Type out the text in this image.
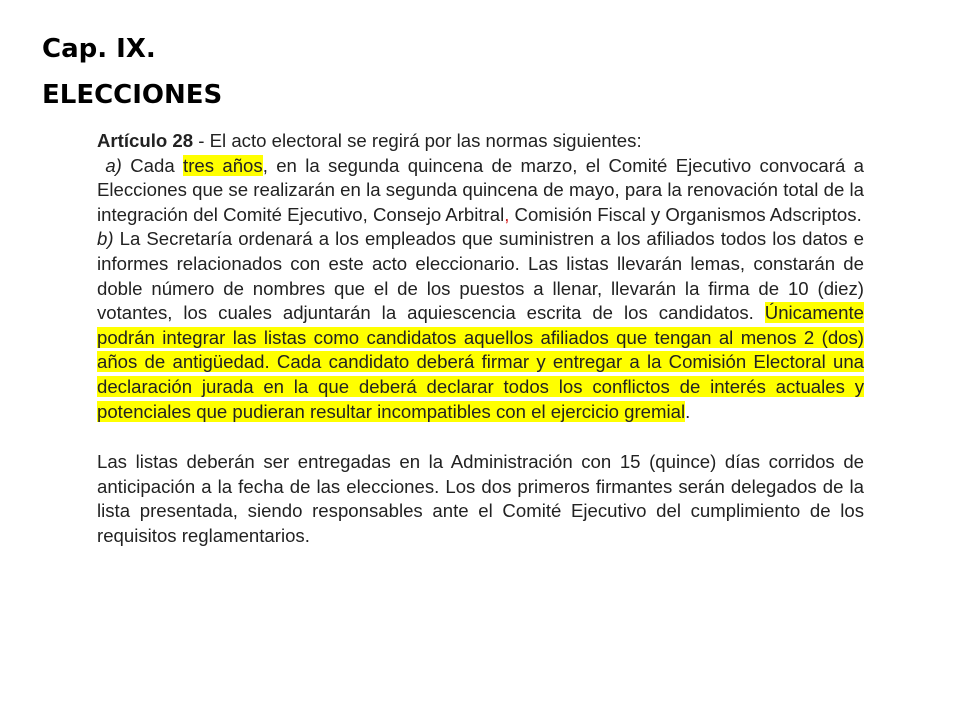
Cap. IX.
ELECCIONES

Artículo 28 - El acto electoral se regirá por las normas siguientes:

a) Cada tres años, en la segunda quincena de marzo, el Comité Ejecutivo convocará a Elecciones que se realizarán en la segunda quincena de mayo, para la renovación total de la integración del Comité Ejecutivo, Consejo Arbitral, Comisión Fiscal y Organismos Adscriptos.

b) La Secretaría ordenará a los empleados que suministren a los afiliados todos los datos e informes relacionados con este acto eleccionario. Las listas llevarán lemas, constarán de doble número de nombres que el de los puestos a llenar, llevarán la firma de 10 (diez) votantes, los cuales adjuntarán la aquiescencia escrita de los candidatos. Únicamente podrán integrar las listas como candidatos aquellos afiliados que tengan al menos 2 (dos) años de antigüedad. Cada candidato deberá firmar y entregar a la Comisión Electoral una declaración jurada en la que deberá declarar todos los conflictos de interés actuales y potenciales que pudieran resultar incompatibles con el ejercicio gremial.

Las listas deberán ser entregadas en la Administración con 15 (quince) días corridos de anticipación a la fecha de las elecciones. Los dos primeros firmantes serán delegados de la lista presentada, siendo responsables ante el Comité Ejecutivo del cumplimiento de los requisitos reglamentarios.
